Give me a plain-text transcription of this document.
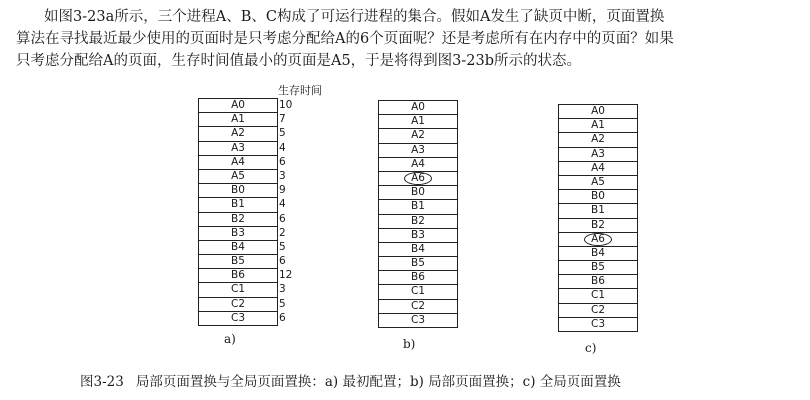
如图3-23a所示，三个进程A、B、C构成了可运行进程的集合。假如A发生了缺页中断，页面置换
算法在寻找最近最少使用的页面时是只考虑分配给A的6个页面呢？还是考虑所有在内存中的页面？如果
只考虑分配给A的页面，生存时间值最小的页面是A5，于是将得到图3-23b所示的状态。
生存时间
A0
A1
A2
A3
A4
A5
B0
B1
B2
B3
B4
B5
B6
C1
C2
C3
10
7
5
4
6
3
9
4
6
2
5
6
12
3
5
6
a)
A0
A1
A2
A3
A4
A6
B0
B1
B2
B3
B4
B5
B6
C1
C2
C3
b)
A0
A1
A2
A3
A4
A5
B0
B1
B2
A6
B4
B5
B6
C1
C2
C3
c)
图3-23 局部页面置换与全局页面置换：a) 最初配置；b) 局部页面置换；c) 全局页面置换
